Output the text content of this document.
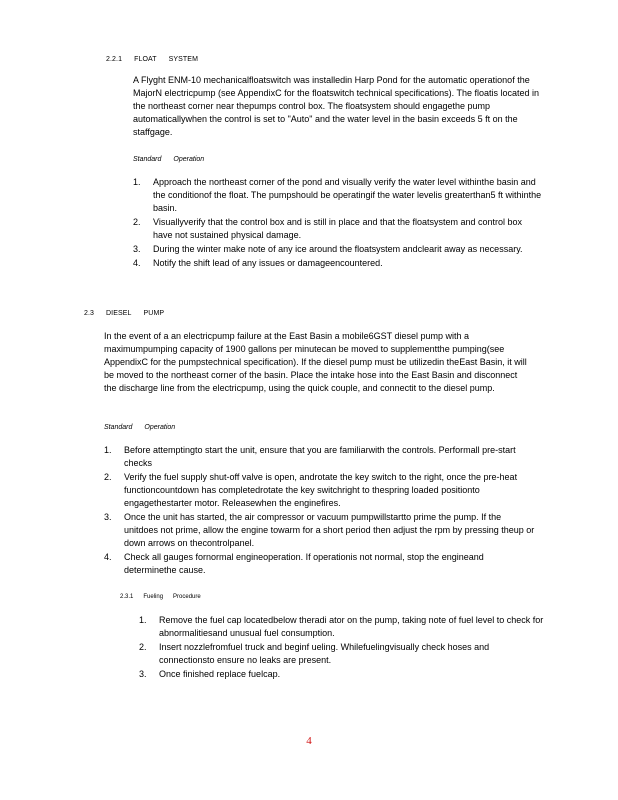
2.2.1 FLOAT SYSTEM

A Flyght ENM-10 mechanicalfloatswitch was installedin Harp Pond for the automatic operationof the MajorN electricpump (see AppendixC for the floatswitch technical specifications). The floatis located in the northeast corner near thepumps control box. The floatsystem should engagethe pump automaticallywhen the control is set to "Auto" and the water level in the basin exceeds 5 ft on the staffgage.

Standard Operation
1. Approach the northeast corner of the pond and visually verify the water level withinthe basin and the conditionof the float. The pumpshould be operatingif the water levelis greaterthan5 ft withinthe basin.
2. Visuallyverify that the control box and is still in place and that the floatsystem and control box have not sustained physical damage.
3. During the winter make note of any ice around the floatsystem andclearit away as necessary.
4. Notify the shift lead of any issues or damageencountered.
2.3 DIESEL PUMP

In the event of a an electricpump failure at the East Basin a mobile6GST diesel pump with a maximumpumping capacity of 1900 gallons per minutecan be moved to supplementthe pumping(see AppendixC for the pumpstechnical specification). If the diesel pump must be utilizedin theEast Basin, it will be moved to the northeast corner of the basin. Place the intake hose into the East Basin and disconnect the discharge line from the electricpump, using the quick couple, and connectit to the diesel pump.

Standard Operation
1. Before attemptingto start the unit, ensure that you are familiarwith the controls. Performall pre-start checks
2. Verify the fuel supply shut-off valve is open, androtate the key switch to the right, once the pre-heat functioncountdown has completedrotate the key switchright to thespring loaded positionto engagethestarter motor. Releasewhen the enginefires.
3. Once the unit has started, the air compressor or vacuum pumpwillstartto prime the pump. If the unitdoes not prime, allow the engine towarm for a short period then adjust the rpm by pressing theup or down arrows on thecontrolpanel.
4. Check all gauges fornormal engineoperation. If operationis not normal, stop the engineand determinethe cause.
2.3.1 Fueling Procedure
1. Remove the fuel cap locatedbelow theradi ator on the pump, taking note of fuel level to check for abnormalitiesand unusual fuel consumption.
2. Insert nozzlefromfuel truck and beginf ueling. Whilefuelingvisually check hoses and connectionsto ensure no leaks are present.
3. Once finished replace fuelcap.
4
